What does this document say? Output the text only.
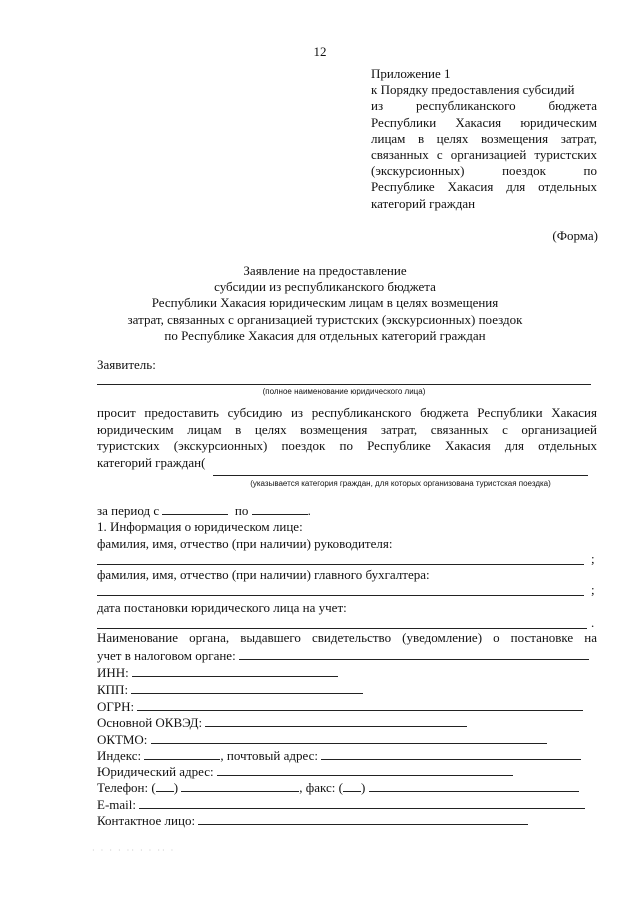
12
Приложение 1
к Порядку предоставления субсидий
из республиканского бюджета
Республики Хакасия юридическим
лицам в целях возмещения затрат,
связанных с организацией туристских
(экскурсионных) поездок по
Республике Хакасия для отдельных
категорий граждан
(Форма)
Заявление на предоставление
субсидии из республиканского бюджета
Республики Хакасия юридическим лицам в целях возмещения
затрат, связанных с организацией туристских (экскурсионных) поездок
по Республике Хакасия для отдельных категорий граждан
Заявитель:
(полное наименование юридического лица)
просит предоставить субсидию из республиканского бюджета Республики Хакасия
юридическим лицам в целях возмещения затрат, связанных с организацией
туристских (экскурсионных) поездок по Республике Хакасия для отдельных
категорий граждан(
(указывается категория граждан, для которых организована туристская поездка)
за период с	по	.
1. Информация о юридическом лице:
фамилия, имя, отчество (при наличии) руководителя:
;
фамилия, имя, отчество (при наличии) главного бухгалтера:
;
дата постановки юридического лица на учет:
.
Наименование органа, выдавшего свидетельство (уведомление) о постановке на
учет в налоговом органе:
ИНН:
КПП:
ОГРН:
Основной ОКВЭД:
ОКТМО:
Индекс:	, почтовый адрес:
Юридический адрес:
Телефон: ( )	, факс: ( )
E-mail:
Контактное лицо:
· · · · ·· · · ·· ·
